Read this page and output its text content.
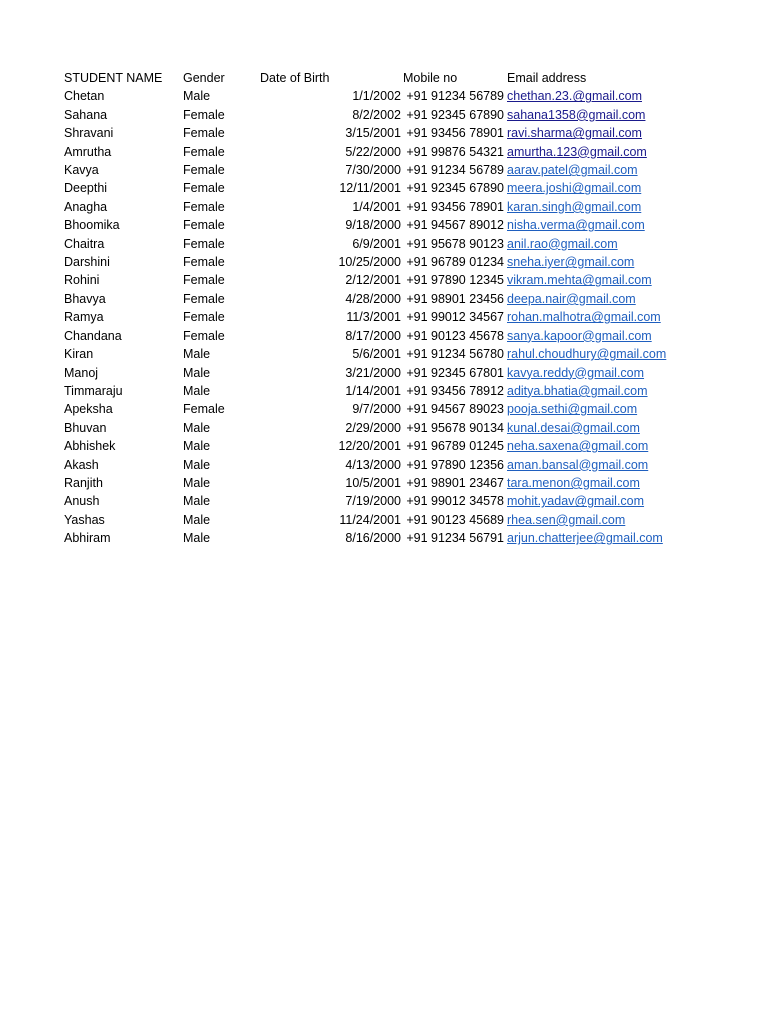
STUDENT NAME	Gender	Date of Birth	Mobile no	Email address
Chetan	Male	1/1/2002	+91 91234 56789	chethan.23.@gmail.com
Sahana	Female	8/2/2002	+91 92345 67890	sahana1358@gmail.com
Shravani	Female	3/15/2001	+91 93456 78901	ravi.sharma@gmail.com
Amrutha	Female	5/22/2000	+91 99876 54321	amurtha.123@gmail.com
Kavya	Female	7/30/2000	+91 91234 56789	aarav.patel@gmail.com
Deepthi	Female	12/11/2001	+91 92345 67890	meera.joshi@gmail.com
Anagha	Female	1/4/2001	+91 93456 78901	karan.singh@gmail.com
Bhoomika	Female	9/18/2000	+91 94567 89012	nisha.verma@gmail.com
Chaitra	Female	6/9/2001	+91 95678 90123	anil.rao@gmail.com
Darshini	Female	10/25/2000	+91 96789 01234	sneha.iyer@gmail.com
Rohini	Female	2/12/2001	+91 97890 12345	vikram.mehta@gmail.com
Bhavya	Female	4/28/2000	+91 98901 23456	deepa.nair@gmail.com
Ramya	Female	11/3/2001	+91 99012 34567	rohan.malhotra@gmail.com
Chandana	Female	8/17/2000	+91 90123 45678	sanya.kapoor@gmail.com
Kiran	Male	5/6/2001	+91 91234 56780	rahul.choudhury@gmail.com
Manoj	Male	3/21/2000	+91 92345 67801	kavya.reddy@gmail.com
Timmaraju	Male	1/14/2001	+91 93456 78912	aditya.bhatia@gmail.com
Apeksha	Female	9/7/2000	+91 94567 89023	pooja.sethi@gmail.com
Bhuvan	Male	2/29/2000	+91 95678 90134	kunal.desai@gmail.com
Abhishek	Male	12/20/2001	+91 96789 01245	neha.saxena@gmail.com
Akash	Male	4/13/2000	+91 97890 12356	aman.bansal@gmail.com
Ranjith	Male	10/5/2001	+91 98901 23467	tara.menon@gmail.com
Anush	Male	7/19/2000	+91 99012 34578	mohit.yadav@gmail.com
Yashas	Male	11/24/2001	+91 90123 45689	rhea.sen@gmail.com
Abhiram	Male	8/16/2000	+91 91234 56791	arjun.chatterjee@gmail.com
